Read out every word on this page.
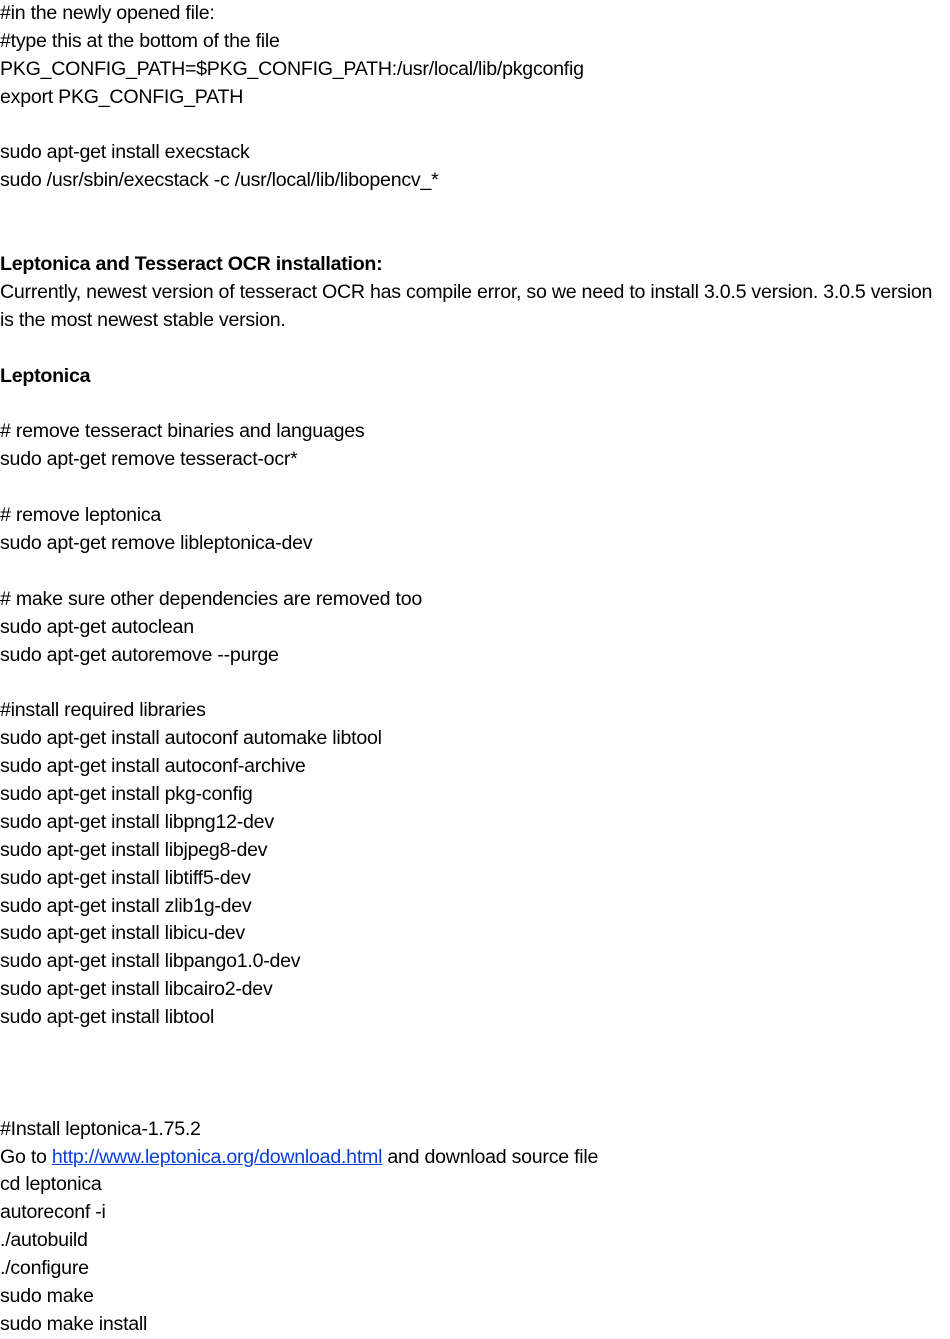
#in the newly opened file:

#type this at the bottom of the file

PKG_CONFIG_PATH=$PKG_CONFIG_PATH:/usr/local/lib/pkgconfig

export PKG_CONFIG_PATH

sudo apt-get install execstack

sudo /usr/sbin/execstack -c /usr/local/lib/libopencv_*

Leptonica and Tesseract OCR installation:

Currently, newest version of tesseract OCR has compile error, so we need to install 3.0.5 version. 3.0.5 version is the most newest stable version.

Leptonica

# remove tesseract binaries and languages

sudo apt-get remove tesseract-ocr*

# remove leptonica

sudo apt-get remove libleptonica-dev

# make sure other dependencies are removed too

sudo apt-get autoclean

sudo apt-get autoremove --purge

#install required libraries

sudo apt-get install autoconf automake libtool

sudo apt-get install autoconf-archive

sudo apt-get install pkg-config

sudo apt-get install libpng12-dev

sudo apt-get install libjpeg8-dev

sudo apt-get install libtiff5-dev

sudo apt-get install zlib1g-dev

sudo apt-get install libicu-dev

sudo apt-get install libpango1.0-dev

sudo apt-get install libcairo2-dev

sudo apt-get install libtool

#Install leptonica-1.75.2

Go to http://www.leptonica.org/download.html and download source file

cd leptonica

autoreconf -i

./autobuild

./configure

sudo make

sudo make install
